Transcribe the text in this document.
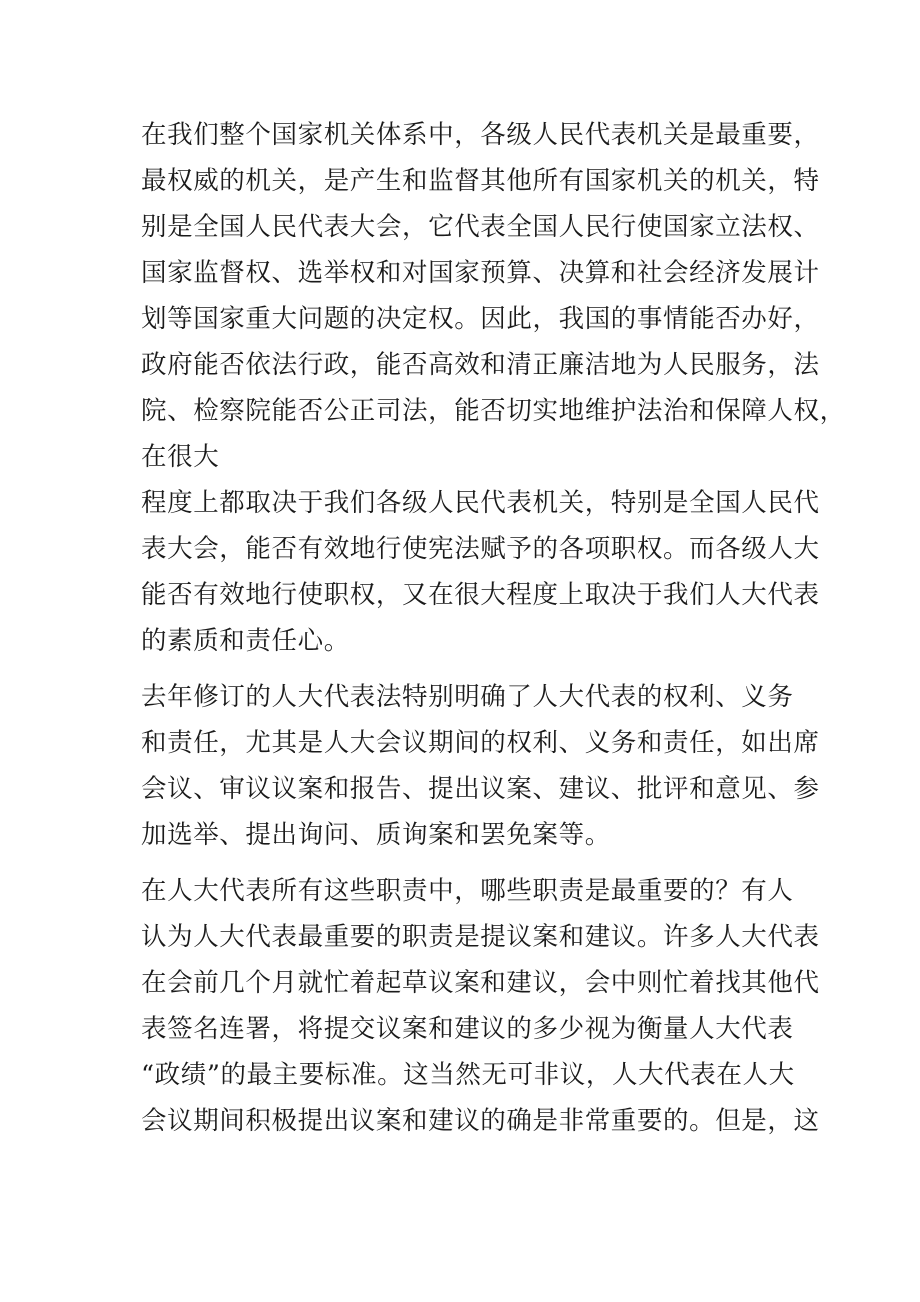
在我们整个国家机关体系中，各级人民代表机关是最重要，
最权威的机关，是产生和监督其他所有国家机关的机关，特
别是全国人民代表大会，它代表全国人民行使国家立法权、
国家监督权、选举权和对国家预算、决算和社会经济发展计
划等国家重大问题的决定权。因此，我国的事情能否办好，
政府能否依法行政，能否高效和清正廉洁地为人民服务，法
院、检察院能否公正司法，能否切实地维护法治和保障人权，
在很大
程度上都取决于我们各级人民代表机关，特别是全国人民代
表大会，能否有效地行使宪法赋予的各项职权。而各级人大
能否有效地行使职权，又在很大程度上取决于我们人大代表
的素质和责任心。
去年修订的人大代表法特别明确了人大代表的权利、义务
和责任，尤其是人大会议期间的权利、义务和责任，如出席
会议、审议议案和报告、提出议案、建议、批评和意见、参
加选举、提出询问、质询案和罢免案等。
在人大代表所有这些职责中，哪些职责是最重要的？有人
认为人大代表最重要的职责是提议案和建议。许多人大代表
在会前几个月就忙着起草议案和建议，会中则忙着找其他代
表签名连署，将提交议案和建议的多少视为衡量人大代表
“政绩”的最主要标准。这当然无可非议，人大代表在人大
会议期间积极提出议案和建议的确是非常重要的。但是，这
